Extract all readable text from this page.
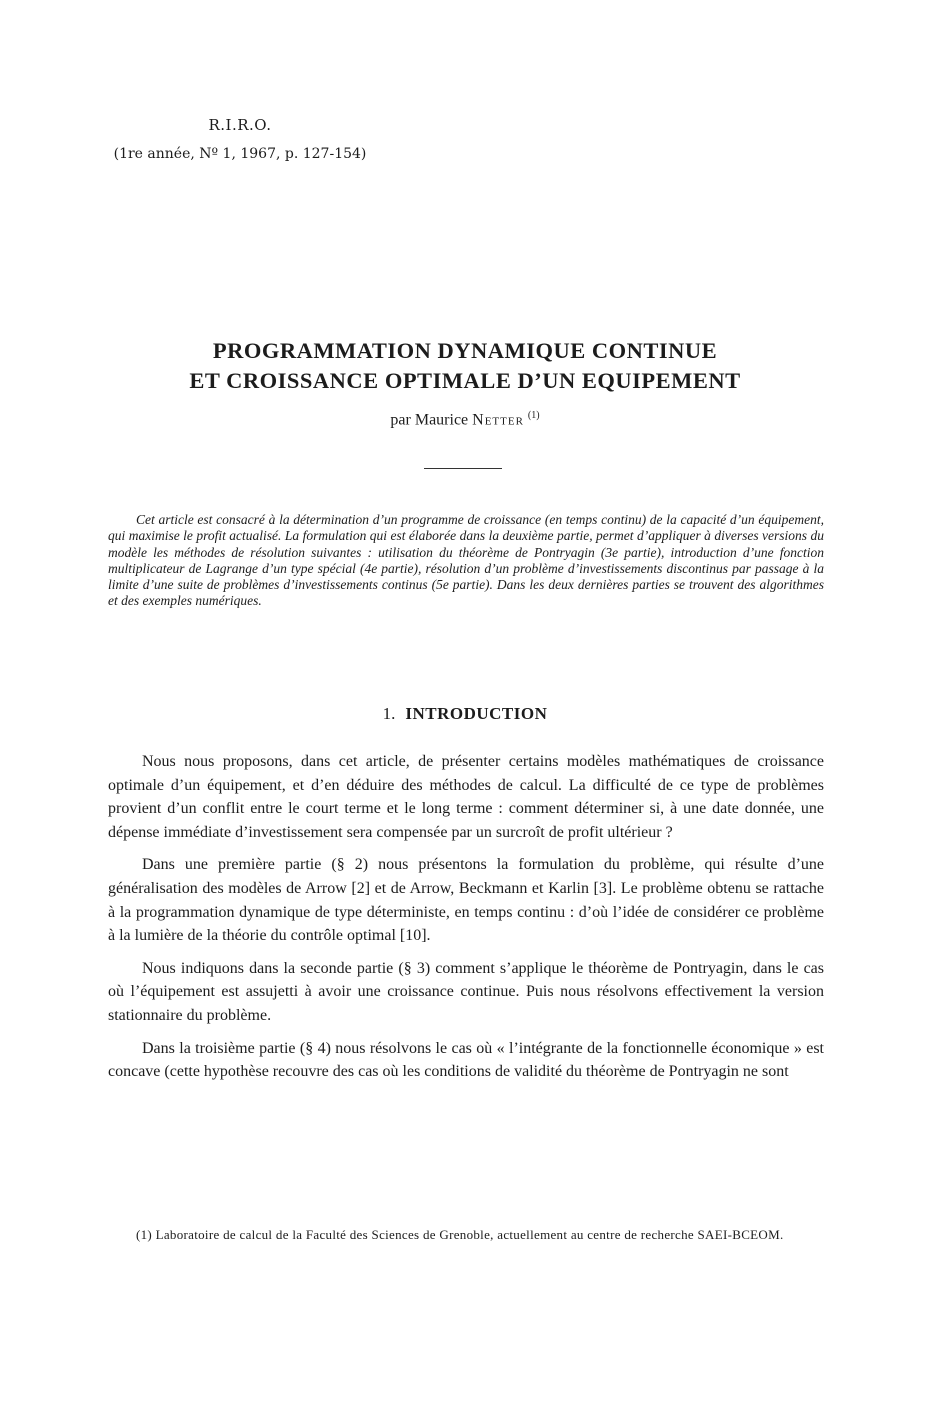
R.I.R.O.
(1re année, Nº 1, 1967, p. 127-154)
PROGRAMMATION DYNAMIQUE CONTINUE
ET CROISSANCE OPTIMALE D’UN EQUIPEMENT
par Maurice Netter $^{(1)}$
Cet article est consacré à la détermination d’un programme de croissance (en temps continu) de la capacité d’un équipement, qui maximise le profit actualisé. La formulation qui est élaborée dans la deuxième partie, permet d’appliquer à diverses versions du modèle les méthodes de résolution suivantes : utilisation du théorème de Pontryagin (3e partie), introduction d’une fonction multiplicateur de Lagrange d’un type spécial (4e partie), résolution d’un problème d’investissements discontinus par passage à la limite d’une suite de problèmes d’investissements continus (5e partie). Dans les deux dernières parties se trouvent des algorithmes et des exemples numériques.
1. INTRODUCTION

Nous nous proposons, dans cet article, de présenter certains modèles mathématiques de croissance optimale d’un équipement, et d’en déduire des méthodes de calcul. La difficulté de ce type de problèmes provient d’un conflit entre le court terme et le long terme : comment déterminer si, à une date donnée, une dépense immédiate d’investissement sera compensée par un surcroît de profit ultérieur ?

Dans une première partie (§ 2) nous présentons la formulation du problème, qui résulte d’une généralisation des modèles de Arrow [2] et de Arrow, Beckmann et Karlin [3]. Le problème obtenu se rattache à la programmation dynamique de type déterministe, en temps continu : d’où l’idée de considérer ce problème à la lumière de la théorie du contrôle optimal [10].

Nous indiquons dans la seconde partie (§ 3) comment s’applique le théorème de Pontryagin, dans le cas où l’équipement est assujetti à avoir une croissance continue. Puis nous résolvons effectivement la version stationnaire du problème.

Dans la troisième partie (§ 4) nous résolvons le cas où « l’intégrante de la fonctionnelle économique » est concave (cette hypothèse recouvre des cas où les conditions de validité du théorème de Pontryagin ne sont

(1) Laboratoire de calcul de la Faculté des Sciences de Grenoble, actuellement au centre de recherche SAEI-BCEOM.
